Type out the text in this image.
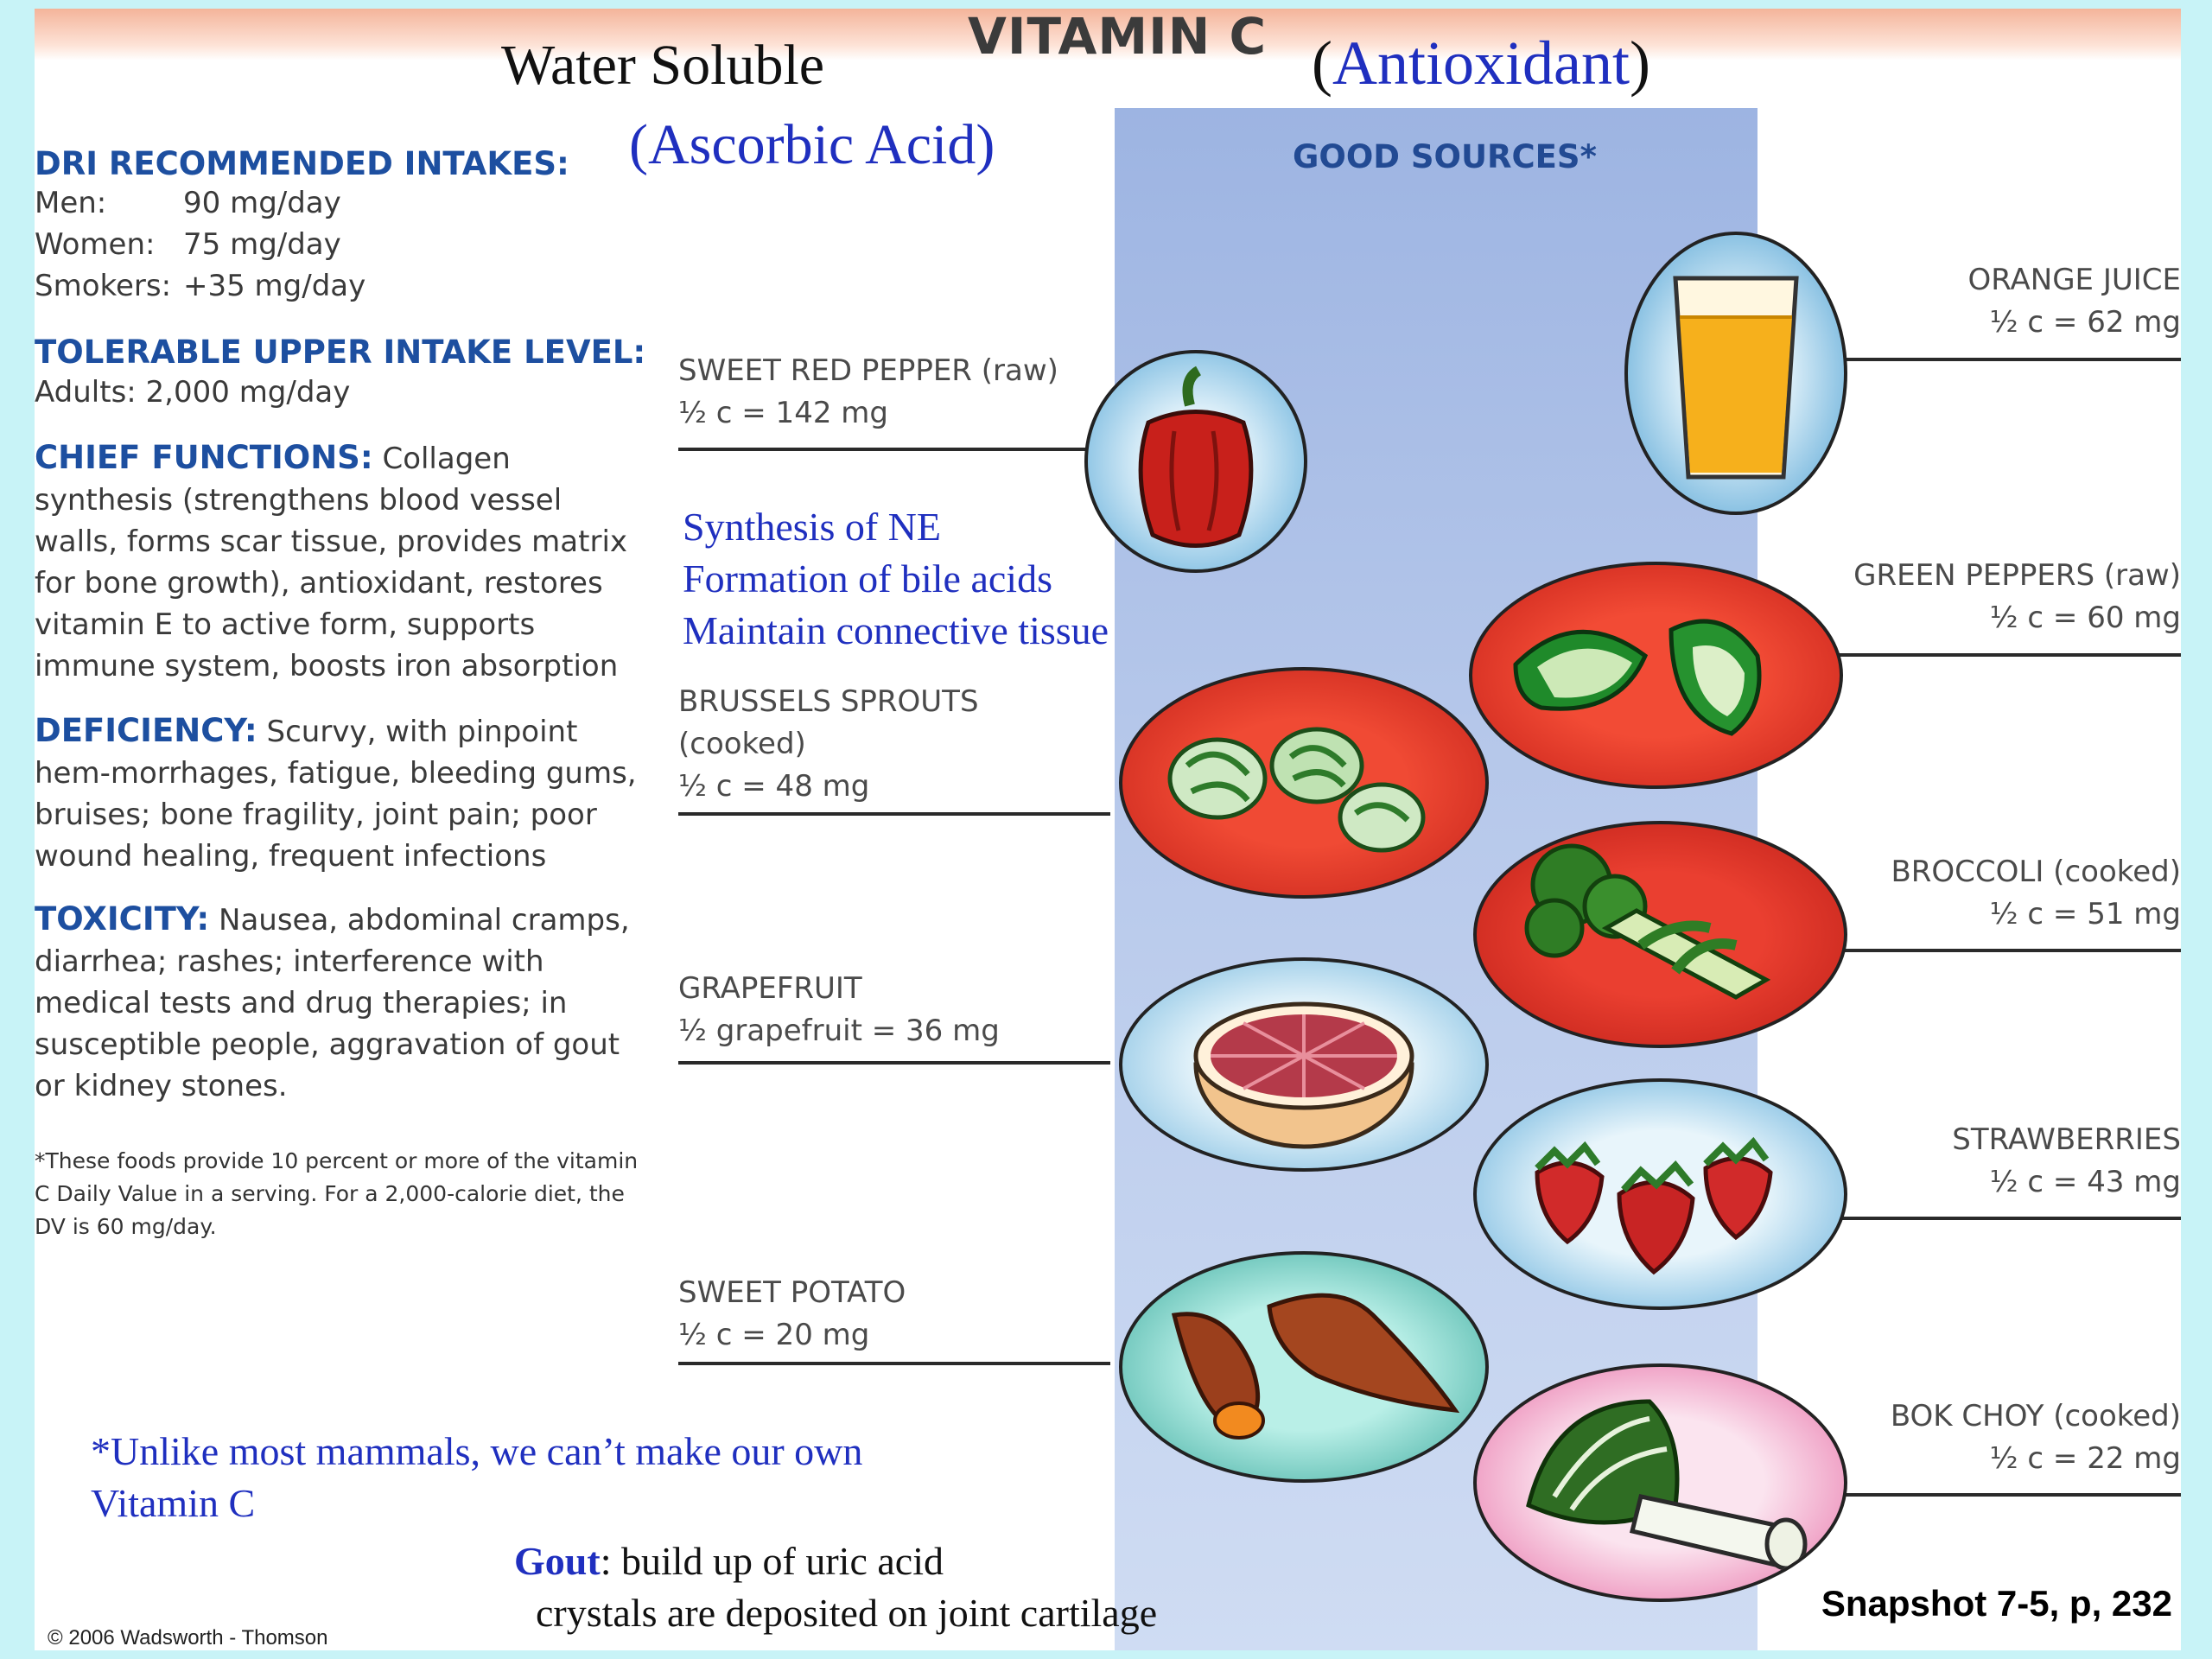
VITAMIN C
Water Soluble	(Antioxidant)
(Ascorbic Acid)
DRI RECOMMENDED INTAKES:
Men:	90 mg/day
Women: 75 mg/day
Smokers: +35 mg/day
TOLERABLE UPPER INTAKE LEVEL:
Adults: 2,000 mg/day
CHIEF FUNCTIONS: Collagen synthesis (strengthens blood vessel walls, forms scar tissue, provides matrix for bone growth), antioxidant, restores vitamin E to active form, supports immune system, boosts iron absorption
DEFICIENCY: Scurvy, with pinpoint hem-morrhages, fatigue, bleeding gums, bruises; bone fragility, joint pain; poor wound healing, frequent infections
TOXICITY: Nausea, abdominal cramps, diarrhea; rashes; interference with medical tests and drug therapies; in susceptible people, aggravation of gout or kidney stones.
*These foods provide 10 percent or more of the vitamin C Daily Value in a serving. For a 2,000-calorie diet, the DV is 60 mg/day.
Synthesis of NE
Formation of bile acids
Maintain connective tissue
*Unlike most mammals, we can’t make our own Vitamin C
Gout: build up of uric acid
crystals are deposited on joint cartilage
GOOD SOURCES*
SWEET RED PEPPER (raw)
½ c = 142 mg
BRUSSELS SPROUTS
(cooked)
½ c = 48 mg
GRAPEFRUIT
½ grapefruit = 36 mg
SWEET POTATO
½ c = 20 mg
ORANGE JUICE
½ c = 62 mg
GREEN PEPPERS (raw)
½ c = 60 mg
BROCCOLI (cooked)
½ c = 51 mg
STRAWBERRIES
½ c = 43 mg
BOK CHOY (cooked)
½ c = 22 mg
Snapshot 7-5, p, 232
© 2006 Wadsworth - Thomson
